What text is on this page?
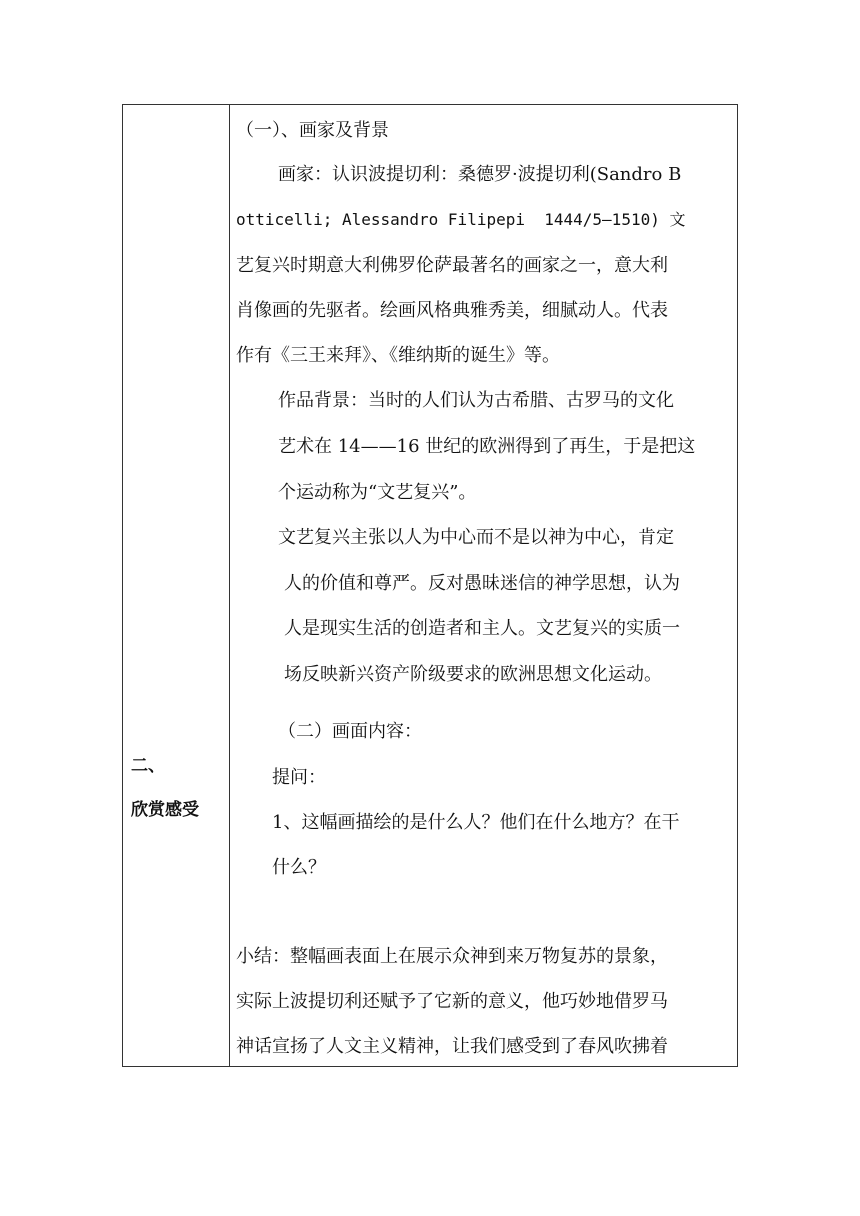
二、
欣赏感受
（一）、画家及背景
画家：认识波提切利：桑德罗·波提切利(Sandro B
otticelli; Alessandro Filipepi  1444/5—1510) 文
艺复兴时期意大利佛罗伦萨最著名的画家之一，意大利
肖像画的先驱者。绘画风格典雅秀美，细腻动人。代表
作有《三王来拜》、《维纳斯的诞生》等。
作品背景：当时的人们认为古希腊、古罗马的文化
艺术在 14——16 世纪的欧洲得到了再生，于是把这
个运动称为“文艺复兴”。
文艺复兴主张以人为中心而不是以神为中心，肯定
人的价值和尊严。反对愚昧迷信的神学思想，认为
人是现实生活的创造者和主人。文艺复兴的实质一
场反映新兴资产阶级要求的欧洲思想文化运动。
（二）画面内容：
提问：
1、这幅画描绘的是什么人？他们在什么地方？在干
什么？
小结：整幅画表面上在展示众神到来万物复苏的景象，
实际上波提切利还赋予了它新的意义，他巧妙地借罗马
神话宣扬了人文主义精神，让我们感受到了春风吹拂着
